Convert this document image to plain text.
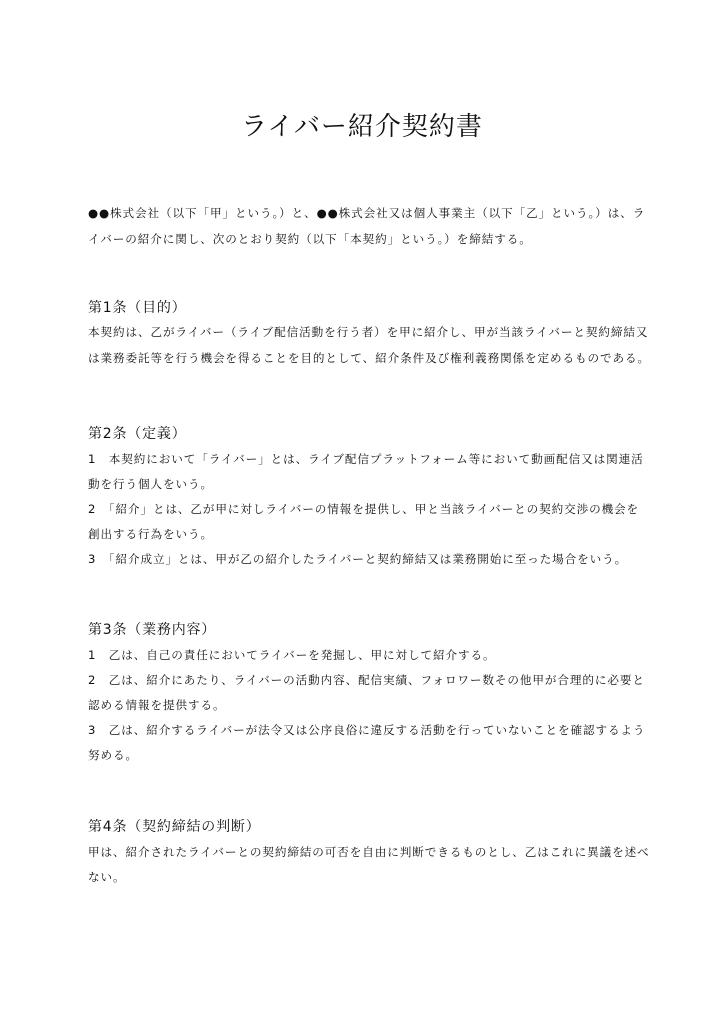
ライバー紹介契約書
●●株式会社（以下「甲」という。）と、●●株式会社又は個人事業主（以下「乙」という。）は、ラ
イバーの紹介に関し、次のとおり契約（以下「本契約」という。）を締結する。
第1条（目的）
本契約は、乙がライバー（ライブ配信活動を行う者）を甲に紹介し、甲が当該ライバーと契約締結又
は業務委託等を行う機会を得ることを目的として、紹介条件及び権利義務関係を定めるものである。
第2条（定義）
1　本契約において「ライバー」とは、ライブ配信プラットフォーム等において動画配信又は関連活
動を行う個人をいう。
2　「紹介」とは、乙が甲に対しライバーの情報を提供し、甲と当該ライバーとの契約交渉の機会を
創出する行為をいう。
3　「紹介成立」とは、甲が乙の紹介したライバーと契約締結又は業務開始に至った場合をいう。
第3条（業務内容）
1　乙は、自己の責任においてライバーを発掘し、甲に対して紹介する。
2　乙は、紹介にあたり、ライバーの活動内容、配信実績、フォロワー数その他甲が合理的に必要と
認める情報を提供する。
3　乙は、紹介するライバーが法令又は公序良俗に違反する活動を行っていないことを確認するよう
努める。
第4条（契約締結の判断）
甲は、紹介されたライバーとの契約締結の可否を自由に判断できるものとし、乙はこれに異議を述べ
ない。
